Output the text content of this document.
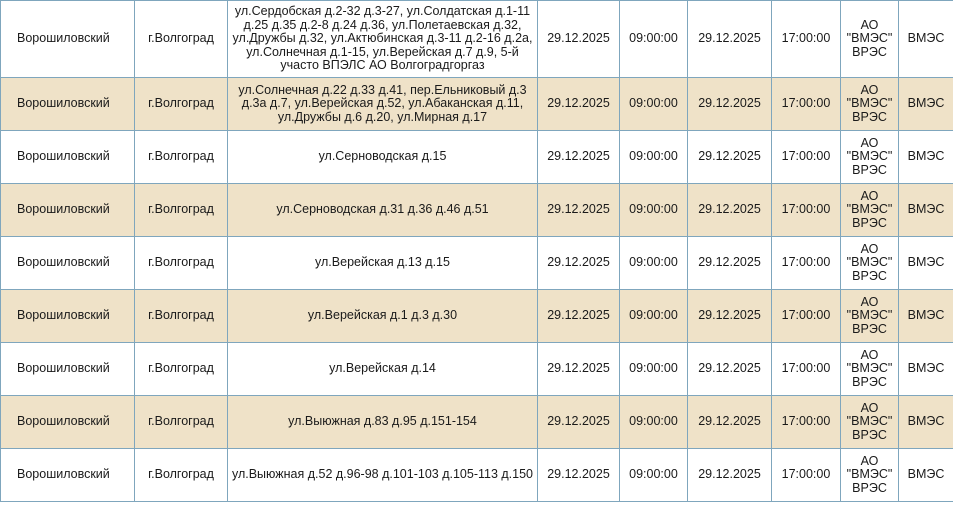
Ворошиловский	г.Волгоград	ул.Сердобская д.2-32 д.3-27, ул.Солдатская д.1-11 д.25 д.35 д.2-8 д.24 д.36, ул.Полетаевская д.32, ул.Дружбы д.32, ул.Актюбинская д.3-11 д.2-16 д.2а, ул.Солнечная д.1-15, ул.Верейская д.7 д.9, 5-й участо ВПЭЛС АО Волгоградгоргаз	29.12.2025	09:00:00	29.12.2025	17:00:00	АО "ВМЭС" ВРЭС	ВМЭС
Ворошиловский	г.Волгоград	ул.Солнечная д.22 д.33 д.41, пер.Ельниковый д.3 д.3а д.7, ул.Верейская д.52, ул.Абаканская д.11, ул.Дружбы д.6 д.20, ул.Мирная д.17	29.12.2025	09:00:00	29.12.2025	17:00:00	АО "ВМЭС" ВРЭС	ВМЭС
Ворошиловский	г.Волгоград	ул.Серноводская д.15	29.12.2025	09:00:00	29.12.2025	17:00:00	АО "ВМЭС" ВРЭС	ВМЭС
Ворошиловский	г.Волгоград	ул.Серноводская д.31 д.36 д.46 д.51	29.12.2025	09:00:00	29.12.2025	17:00:00	АО "ВМЭС" ВРЭС	ВМЭС
Ворошиловский	г.Волгоград	ул.Верейская д.13 д.15	29.12.2025	09:00:00	29.12.2025	17:00:00	АО "ВМЭС" ВРЭС	ВМЭС
Ворошиловский	г.Волгоград	ул.Верейская д.1 д.3 д.30	29.12.2025	09:00:00	29.12.2025	17:00:00	АО "ВМЭС" ВРЭС	ВМЭС
Ворошиловский	г.Волгоград	ул.Верейская д.14	29.12.2025	09:00:00	29.12.2025	17:00:00	АО "ВМЭС" ВРЭС	ВМЭС
Ворошиловский	г.Волгоград	ул.Выюжная д.83 д.95 д.151-154	29.12.2025	09:00:00	29.12.2025	17:00:00	АО "ВМЭС" ВРЭС	ВМЭС
Ворошиловский	г.Волгоград	ул.Выюжная д.52 д.96-98 д.101-103 д.105-113 д.150	29.12.2025	09:00:00	29.12.2025	17:00:00	АО "ВМЭС" ВРЭС	ВМЭС
